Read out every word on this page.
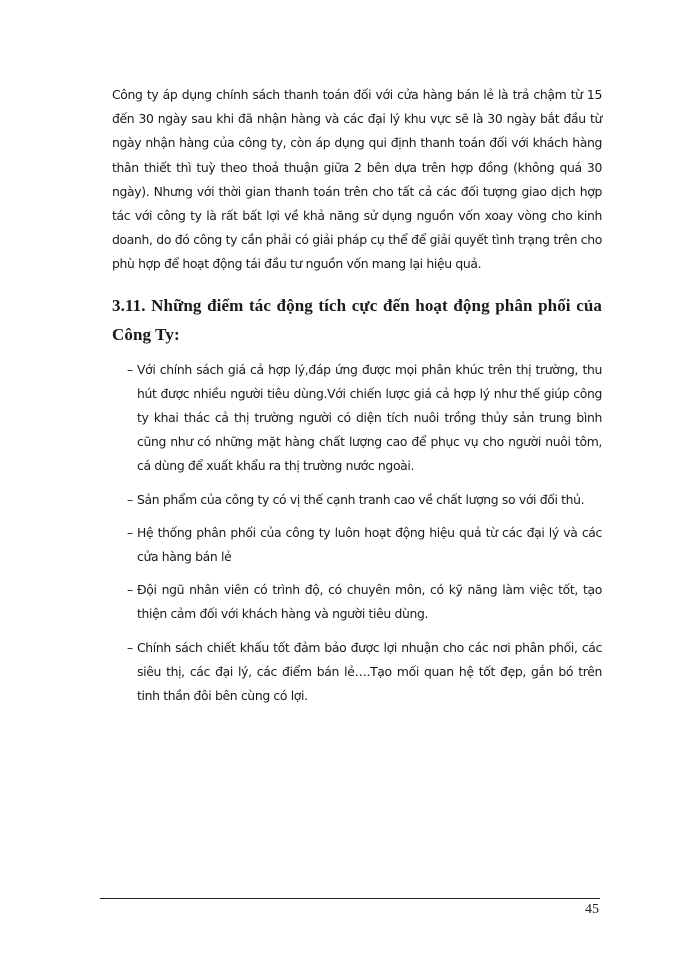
Công ty áp dụng chính sách thanh toán đối với cửa hàng bán lẻ là trả chậm từ 15 đến 30 ngày sau khi đã nhận hàng và các đại lý khu vực sẽ là 30 ngày bắt đầu từ ngày nhận hàng của công ty, còn áp dụng qui định thanh toán đối với khách hàng thân thiết thì tuỳ theo thoả thuận giữa 2 bên dựa trên hợp đồng (không quá 30 ngày). Nhưng với thời gian thanh toán trên cho tất cả các đối tượng giao dịch hợp tác với công ty là rất bất lợi về khả năng sử dụng nguồn vốn xoay vòng cho kinh doanh, do đó công ty cần phải có giải pháp cụ thể để giải quyết tình trạng trên cho phù hợp để hoạt động tái đầu tư nguồn vốn mang lại hiệu quả.

3.11. Những điểm tác động tích cực đến hoạt động phân phối của Công Ty:
– Với chính sách giá cả hợp lý,đáp ứng được mọi phân khúc trên thị trường, thu hút được nhiều người tiêu dùng.Với chiến lược giá cả hợp lý như thế giúp công ty khai thác cả thị trường người có diện tích nuôi trồng thủy sản trung bình cũng như có những mặt hàng chất lượng cao để phục vụ cho người nuôi tôm, cá dùng để xuất khẩu ra thị trường nước ngoài.
– Sản phẩm của công ty có vị thế cạnh tranh cao về chất lượng so với đối thủ.
– Hệ thống phân phối của công ty luôn hoạt động hiệu quả từ các đại lý và các cửa hàng bán lẻ
– Đội ngũ nhân viên có trình độ, có chuyên môn, có kỹ năng làm việc tốt, tạo thiện cảm đối với khách hàng và người tiêu dùng.
– Chính sách chiết khấu tốt đảm bảo được lợi nhuận cho các nơi phân phối, các siêu thị, các đại lý, các điểm bán lẻ….Tạo mối quan hệ tốt đẹp, gắn bó trên tinh thần đôi bên cùng có lợi.
45
